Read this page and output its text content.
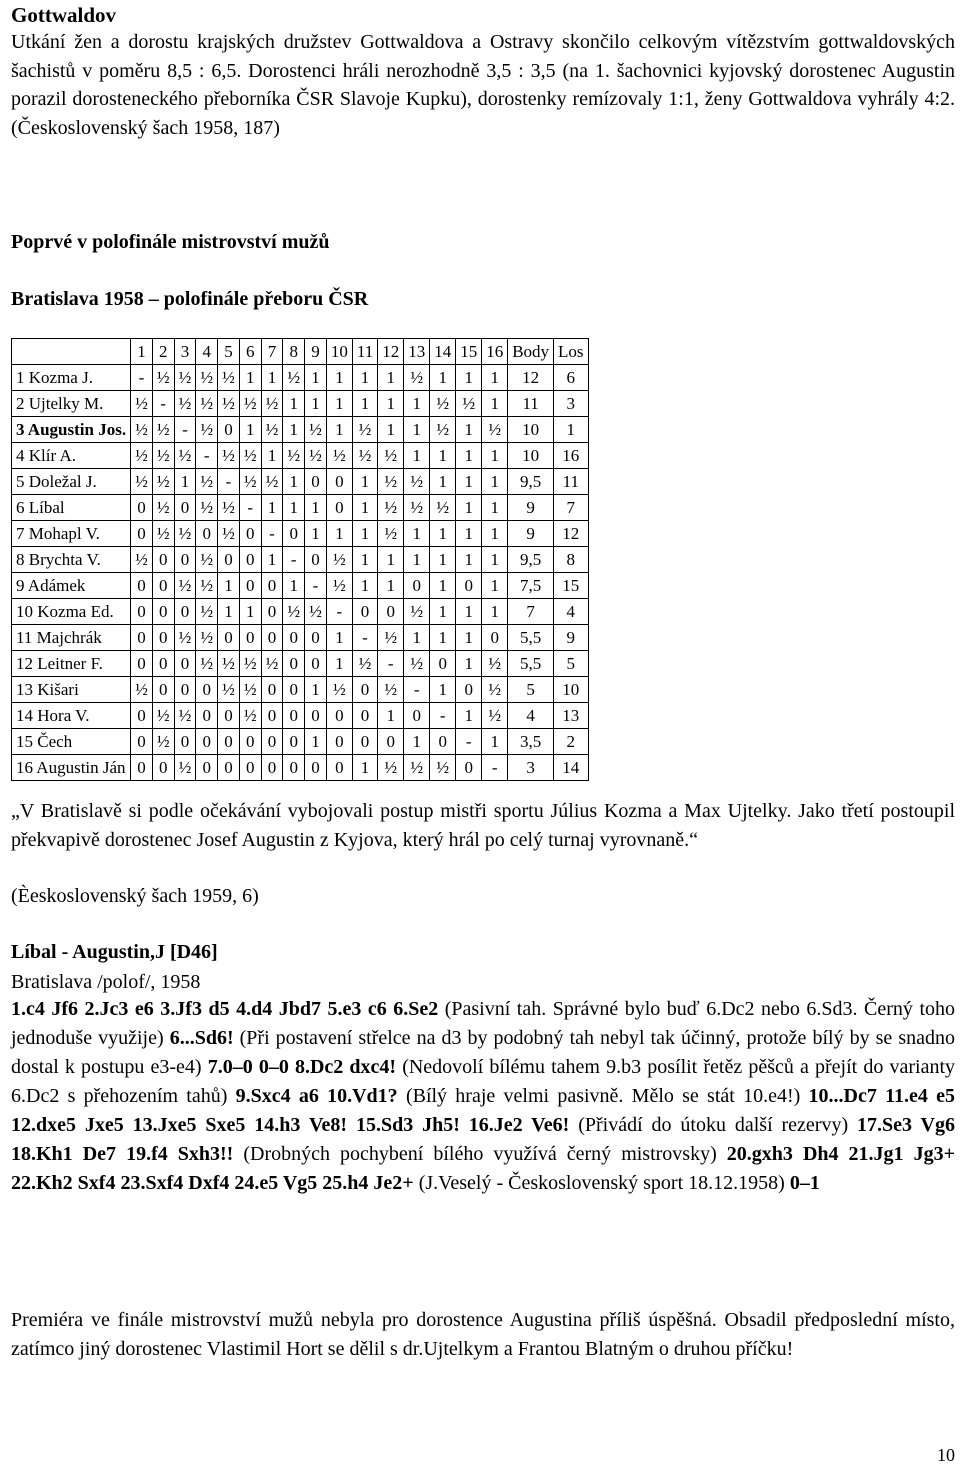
Gottwaldov

Utkání žen a dorostu krajských družstev Gottwaldova a Ostravy skončilo celkovým vítězstvím gottwaldovských šachistů v poměru 8,5 : 6,5. Dorostenci hráli nerozhodně 3,5 : 3,5 (na 1. šachovnici kyjovský dorostenec Augustin porazil dorosteneckého přeborníka ČSR Slavoje Kupku), dorostenky remízovaly 1:1, ženy Gottwaldova vyhrály 4:2. (Československý šach 1958, 187)

Poprvé v polofinále mistrovství mužů

Bratislava 1958 – polofinále přeboru ČSR

	1	2	3	4	5	6	7	8	9	10	11	12	13	14	15	16	Body	Los
1 Kozma J.	-	½	½	½	½	1	1	½	1	1	1	1	½	1	1	1	12	6
2 Ujtelky M.	½	-	½	½	½	½	½	1	1	1	1	1	1	½	½	1	11	3
3 Augustin Jos.	½	½	-	½	0	1	½	1	½	1	½	1	1	½	1	½	10	1
4 Klír A.	½	½	½	-	½	½	1	½	½	½	½	½	1	1	1	1	10	16
5 Doležal J.	½	½	1	½	-	½	½	1	0	0	1	½	½	1	1	1	9,5	11
6 Líbal	0	½	0	½	½	-	1	1	1	0	1	½	½	½	1	1	9	7
7 Mohapl V.	0	½	½	0	½	0	-	0	1	1	1	½	1	1	1	1	9	12
8 Brychta V.	½	0	0	½	0	0	1	-	0	½	1	1	1	1	1	1	9,5	8
9 Adámek	0	0	½	½	1	0	0	1	-	½	1	1	0	1	0	1	7,5	15
10 Kozma Ed.	0	0	0	½	1	1	0	½	½	-	0	0	½	1	1	1	7	4
11 Majchrák	0	0	½	½	0	0	0	0	0	1	-	½	1	1	1	0	5,5	9
12 Leitner F.	0	0	0	½	½	½	½	0	0	1	½	-	½	0	1	½	5,5	5
13 Kišari	½	0	0	0	½	½	0	0	1	½	0	½	-	1	0	½	5	10
14 Hora V.	0	½	½	0	0	½	0	0	0	0	0	1	0	-	1	½	4	13
15 Čech	0	½	0	0	0	0	0	0	1	0	0	0	1	0	-	1	3,5	2
16 Augustin Ján	0	0	½	0	0	0	0	0	0	0	1	½	½	½	0	-	3	14

„V Bratislavě si podle očekávání vybojovali postup mistři sportu Július Kozma a Max Ujtelky. Jako třetí postoupil překvapivě dorostenec Josef Augustin z Kyjova, který hrál po celý turnaj vyrovnaně.“

(Èeskoslovenský šach 1959, 6)

Líbal - Augustin,J [D46]

Bratislava /polof/, 1958

1.c4 Jf6 2.Jc3 e6 3.Jf3 d5 4.d4 Jbd7 5.e3 c6 6.Se2 (Pasivní tah. Správné bylo buď 6.Dc2 nebo 6.Sd3. Černý toho jednoduše využije) 6...Sd6! (Při postavení střelce na d3 by podobný tah nebyl tak účinný, protože bílý by se snadno dostal k postupu e3-e4) 7.0–0 0–0 8.Dc2 dxc4! (Nedovolí bílému tahem 9.b3 posílit řetěz pěšců a přejít do varianty 6.Dc2 s přehozením tahů) 9.Sxc4 a6 10.Vd1? (Bílý hraje velmi pasivně. Mělo se stát 10.e4!) 10...Dc7 11.e4 e5 12.dxe5 Jxe5 13.Jxe5 Sxe5 14.h3 Ve8! 15.Sd3 Jh5! 16.Je2 Ve6! (Přivádí do útoku další rezervy) 17.Se3 Vg6 18.Kh1 De7 19.f4 Sxh3!! (Drobných pochybení bílého využívá černý mistrovsky) 20.gxh3 Dh4 21.Jg1 Jg3+ 22.Kh2 Sxf4 23.Sxf4 Dxf4 24.e5 Vg5 25.h4 Je2+ (J.Veselý - Československý sport 18.12.1958) 0–1

Premiéra ve finále mistrovství mužů nebyla pro dorostence Augustina příliš úspěšná. Obsadil předposlední místo, zatímco jiný dorostenec Vlastimil Hort se dělil s dr.Ujtelkym a Frantou Blatným o druhou příčku!

10
